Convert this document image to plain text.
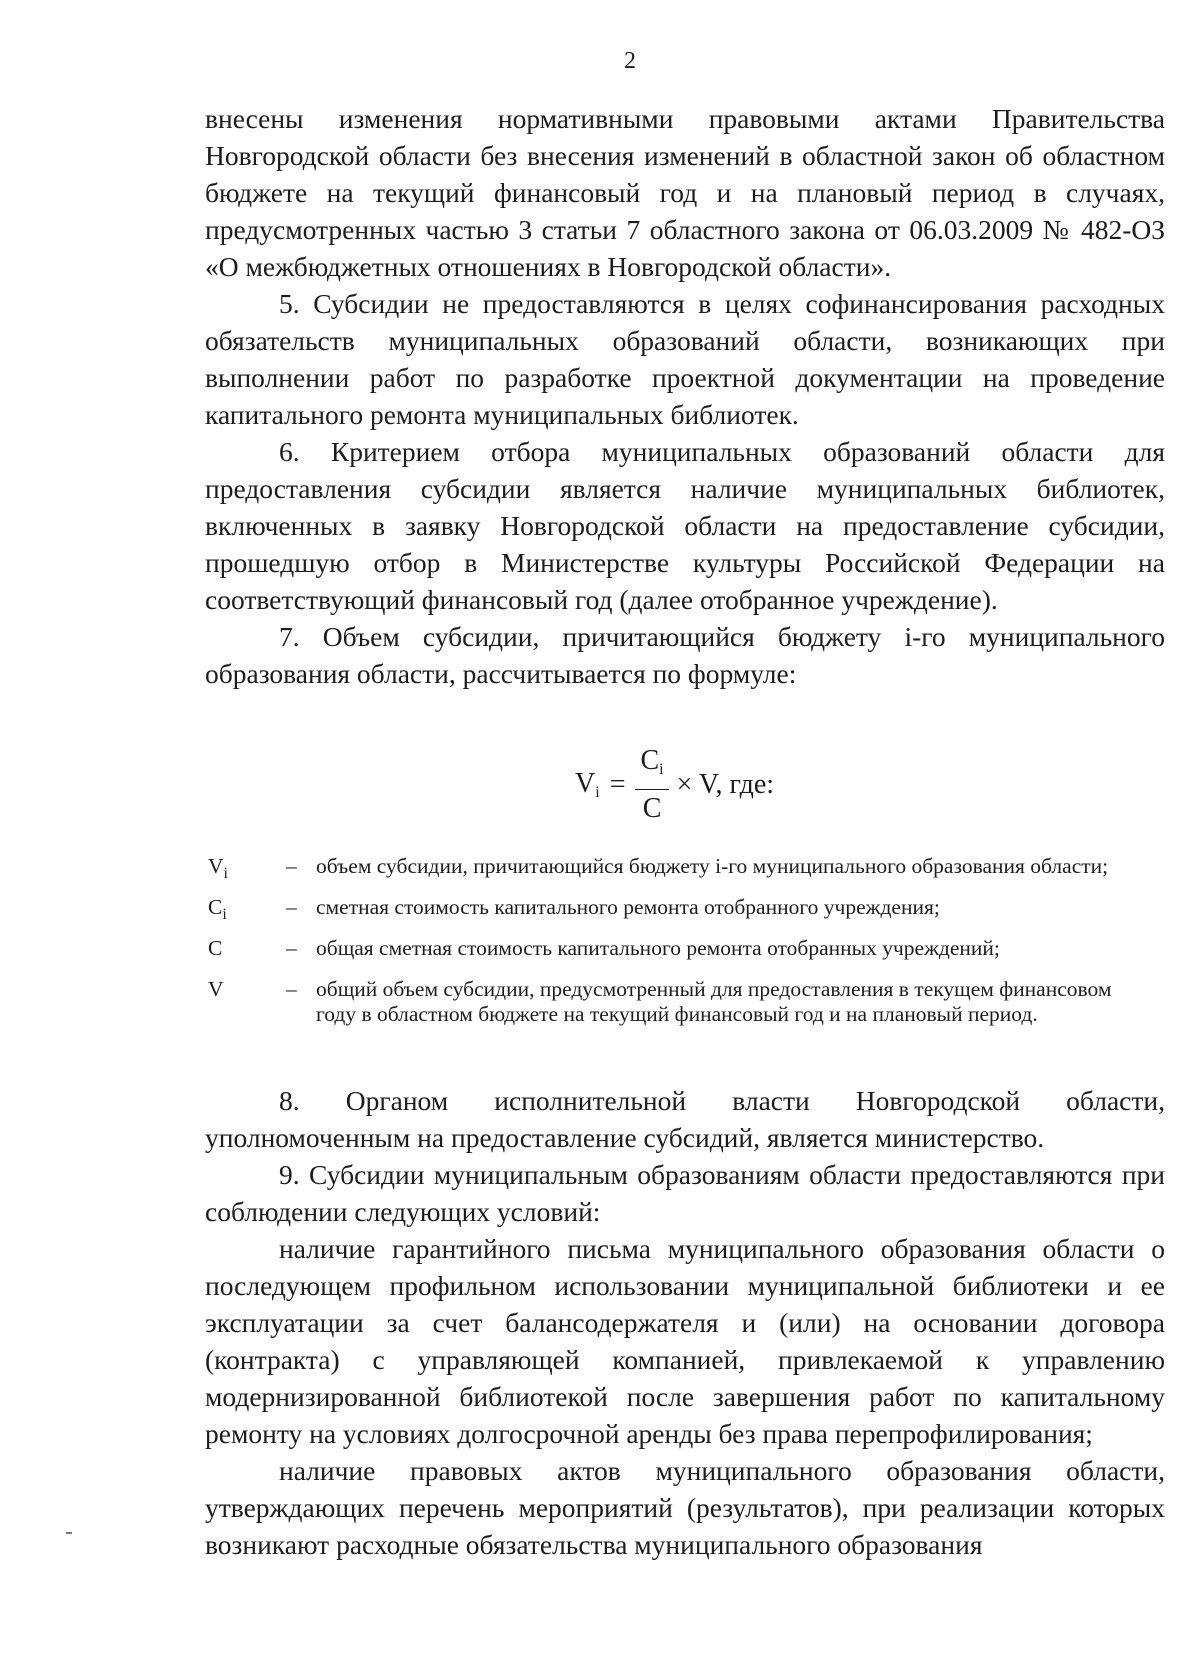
2

внесены изменения нормативными правовыми актами Правительства Новгородской области без внесения изменений в областной закон об областном бюджете на текущий финансовый год и на плановый период в случаях, предусмотренных частью 3 статьи 7 областного закона от 06.03.2009 № 482-ОЗ «О межбюджетных отношениях в Новгородской области».

5. Субсидии не предоставляются в целях софинансирования расходных обязательств муниципальных образований области, возникающих при выполнении работ по разработке проектной документации на проведение капитального ремонта муниципальных библиотек.

6. Критерием отбора муниципальных образований области для предоставления субсидии является наличие муниципальных библиотек, включенных в заявку Новгородской области на предоставление субсидии, прошедшую отбор в Министерстве культуры Российской Федерации на соответствующий финансовый год (далее отобранное учреждение).

7. Объем субсидии, причитающийся бюджету i-го муниципального образования области, рассчитывается по формуле:

$V_i = \frac{C_i}{C} \times V$, где:
$V_i$	– объем субсидии, причитающийся бюджету i-го муниципального образования области;
$C_i$	– сметная стоимость капитального ремонта отобранного учреждения;
C	– общая сметная стоимость капитального ремонта отобранных учреждений;
V	– общий объем субсидии, предусмотренный для предоставления в текущем финансовом году в областном бюджете на текущий финансовый год и на плановый период.

8. Органом исполнительной власти Новгородской области, уполномоченным на предоставление субсидий, является министерство.

9. Субсидии муниципальным образованиям области предоставляются при соблюдении следующих условий:

наличие гарантийного письма муниципального образования области о последующем профильном использовании муниципальной библиотеки и ее эксплуатации за счет балансодержателя и (или) на основании договора (контракта) с управляющей компанией, привлекаемой к управлению модернизированной библиотекой после завершения работ по капитальному ремонту на условиях долгосрочной аренды без права перепрофилирования;

наличие правовых актов муниципального образования области, утверждающих перечень мероприятий (результатов), при реализации которых возникают расходные обязательства муниципального образования
